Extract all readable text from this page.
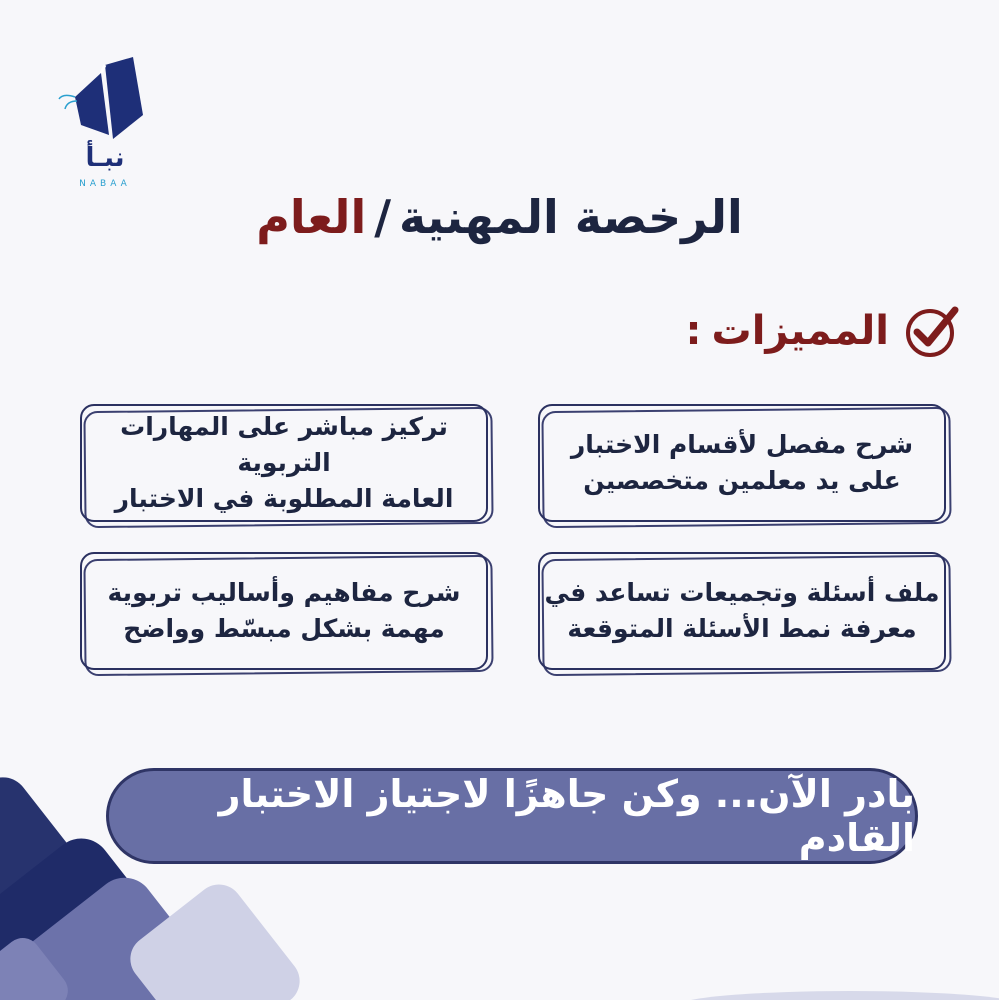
نبـأ
NABAA
الرخصة المهنية/العام
المميزات
:
شرح مفصل لأقسام الاختبار
على يد معلمين متخصصين
تركيز مباشر على المهارات التربوية
العامة المطلوبة في الاختبار
ملف أسئلة وتجميعات تساعد في
معرفة نمط الأسئلة المتوقعة
شرح مفاهيم وأساليب تربوية
مهمة بشكل مبسّط وواضح
بادر الآن... وكن جاهزًا لاجتياز الاختبار القادم
